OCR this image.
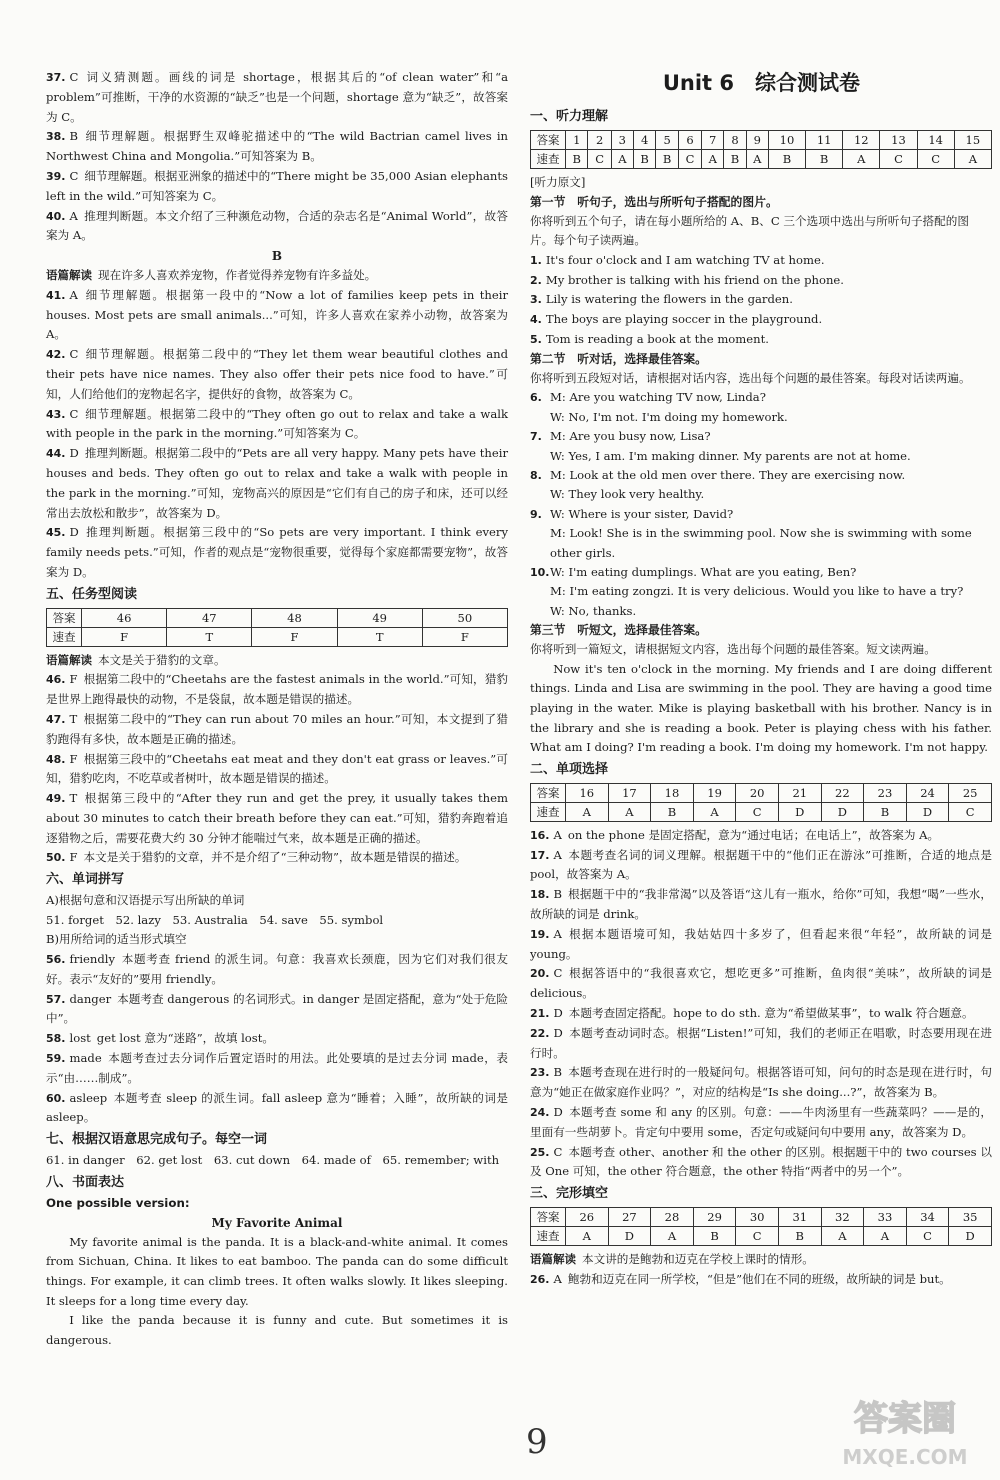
37. C 词义猜测题。画线的词是 shortage，根据其后的“of clean water”和“a problem”可推断，干净的水资源的“缺乏”也是一个问题，shortage 意为“缺乏”，故答案为 C。

38. B 细节理解题。根据野生双峰驼描述中的“The wild Bactrian camel lives in Northwest China and Mongolia.”可知答案为 B。

39. C 细节理解题。根据亚洲象的描述中的“There might be 35,000 Asian elephants left in the wild.”可知答案为 C。

40. A 推理判断题。本文介绍了三种濒危动物，合适的杂志名是“Animal World”，故答案为 A。

B

语篇解读 现在许多人喜欢养宠物，作者觉得养宠物有许多益处。

41. A 细节理解题。根据第一段中的“Now a lot of families keep pets in their houses. Most pets are small animals...”可知，许多人喜欢在家养小动物，故答案为 A。

42. C 细节理解题。根据第二段中的“They let them wear beautiful clothes and their pets have nice names. They also offer their pets nice food to have.”可知，人们给他们的宠物起名字，提供好的食物，故答案为 C。

43. C 细节理解题。根据第二段中的“They often go out to relax and take a walk with people in the park in the morning.”可知答案为 C。

44. D 推理判断题。根据第二段中的“Pets are all very happy. Many pets have their houses and beds. They often go out to relax and take a walk with people in the park in the morning.”可知，宠物高兴的原因是“它们有自己的房子和床，还可以经常出去放松和散步”，故答案为 D。

45. D 推理判断题。根据第三段中的“So pets are very important. I think every family needs pets.”可知，作者的观点是“宠物很重要，觉得每个家庭都需要宠物”，故答案为 D。

五、任务型阅读

答案	46	47	48	49	50
速查	F	T	F	T	F

语篇解读 本文是关于猎豹的文章。

46. F 根据第二段中的“Cheetahs are the fastest animals in the world.”可知，猎豹是世界上跑得最快的动物，不是袋鼠，故本题是错误的描述。

47. T 根据第二段中的“They can run about 70 miles an hour.”可知，本文提到了猎豹跑得有多快，故本题是正确的描述。

48. F 根据第三段中的“Cheetahs eat meat and they don't eat grass or leaves.”可知，猎豹吃肉，不吃草或者树叶，故本题是错误的描述。

49. T 根据第三段中的“After they run and get the prey, it usually takes them about 30 minutes to catch their breath before they can eat.”可知，猎豹奔跑着追逐猎物之后，需要花费大约 30 分钟才能喘过气来，故本题是正确的描述。

50. F 本文是关于猎豹的文章，并不是介绍了“三种动物”，故本题是错误的描述。

六、单词拼写

A)根据句意和汉语提示写出所缺的单词

51. forget　52. lazy　53. Australia　54. save　55. symbol

B)用所给词的适当形式填空

56. friendly 本题考查 friend 的派生词。句意：我喜欢长颈鹿，因为它们对我们很友好。表示“友好的”要用 friendly。

57. danger 本题考查 dangerous 的名词形式。in danger 是固定搭配，意为“处于危险中”。

58. lost get lost 意为“迷路”，故填 lost。

59. made 本题考查过去分词作后置定语时的用法。此处要填的是过去分词 made，表示“由……制成”。

60. asleep 本题考查 sleep 的派生词。fall asleep 意为“睡着；入睡”，故所缺的词是 asleep。

七、根据汉语意思完成句子。每空一词

61. in danger　62. get lost　63. cut down　64. made of　65. remember; with

八、书面表达

One possible version:

My Favorite Animal

My favorite animal is the panda. It is a black-and-white animal. It comes from Sichuan, China. It likes to eat bamboo. The panda can do some difficult things. For example, it can climb trees. It often walks slowly. It likes sleeping. It sleeps for a long time every day.

I like the panda because it is funny and cute. But sometimes it is dangerous.

Unit 6　综合测试卷

一、听力理解

答案	1	2	3	4	5	6	7	8	9	10	11	12	13	14	15
速查	B	C	A	B	B	C	A	B	A	B	B	A	C	C	A

[听力原文]

第一节　听句子，选出与所听句子搭配的图片。

你将听到五个句子，请在每小题所给的 A、B、C 三个选项中选出与所听句子搭配的图片。每个句子读两遍。

1. It's four o'clock and I am watching TV at home.

2. My brother is talking with his friend on the phone.

3. Lily is watering the flowers in the garden.

4. The boys are playing soccer in the playground.

5. Tom is reading a book at the moment.

第二节　听对话，选择最佳答案。

你将听到五段短对话，请根据对话内容，选出每个问题的最佳答案。每段对话读两遍。

6. M: Are you watching TV now, Linda?

W: No, I'm not. I'm doing my homework.

7. M: Are you busy now, Lisa?

W: Yes, I am. I'm making dinner. My parents are not at home.

8. M: Look at the old men over there. They are exercising now.

W: They look very healthy.

9. W: Where is your sister, David?

M: Look! She is in the swimming pool. Now she is swimming with some other girls.

10.W: I'm eating dumplings. What are you eating, Ben?

M: I'm eating zongzi. It is very delicious. Would you like to have a try?

W: No, thanks.

第三节　听短文，选择最佳答案。

你将听到一篇短文，请根据短文内容，选出每个问题的最佳答案。短文读两遍。

Now it's ten o'clock in the morning. My friends and I are doing different things. Linda and Lisa are swimming in the pool. They are having a good time playing in the water. Mike is playing basketball with his brother. Nancy is in the library and she is reading a book. Peter is playing chess with his father. What am I doing? I'm reading a book. I'm doing my homework. I'm not happy.

二、单项选择

答案	16	17	18	19	20	21	22	23	24	25
速查	A	A	B	A	C	D	D	B	D	C

16. A on the phone 是固定搭配，意为“通过电话；在电话上”，故答案为 A。

17. A 本题考查名词的词义理解。根据题干中的“他们正在游泳”可推断，合适的地点是 pool，故答案为 A。

18. B 根据题干中的“我非常渴”以及答语“这儿有一瓶水，给你”可知，我想“喝”一些水，故所缺的词是 drink。

19. A 根据本题语境可知，我姑姑四十多岁了，但看起来很“年轻”，故所缺的词是 young。

20. C 根据答语中的“我很喜欢它，想吃更多”可推断，鱼肉很“美味”，故所缺的词是 delicious。

21. D 本题考查固定搭配。hope to do sth. 意为“希望做某事”，to walk 符合题意。

22. D 本题考查动词时态。根据“Listen!”可知，我们的老师正在唱歌，时态要用现在进行时。

23. B 本题考查现在进行时的一般疑问句。根据答语可知，问句的时态是现在进行时，句意为“她正在做家庭作业吗？”，对应的结构是“Is she doing...?”，故答案为 B。

24. D 本题考查 some 和 any 的区别。句意：——牛肉汤里有一些蔬菜吗？——是的，里面有一些胡萝卜。肯定句中要用 some，否定句或疑问句中要用 any，故答案为 D。

25. C 本题考查 other、another 和 the other 的区别。根据题干中的 two courses 以及 One 可知，the other 符合题意，the other 特指“两者中的另一个”。

三、完形填空

答案	26	27	28	29	30	31	32	33	34	35
速查	A	D	A	B	C	B	A	A	C	D

语篇解读 本文讲的是鲍勃和迈克在学校上课时的情形。

26. A 鲍勃和迈克在同一所学校，“但是”他们在不同的班级，故所缺的词是 but。

9
答案圈
MXQE.COM
